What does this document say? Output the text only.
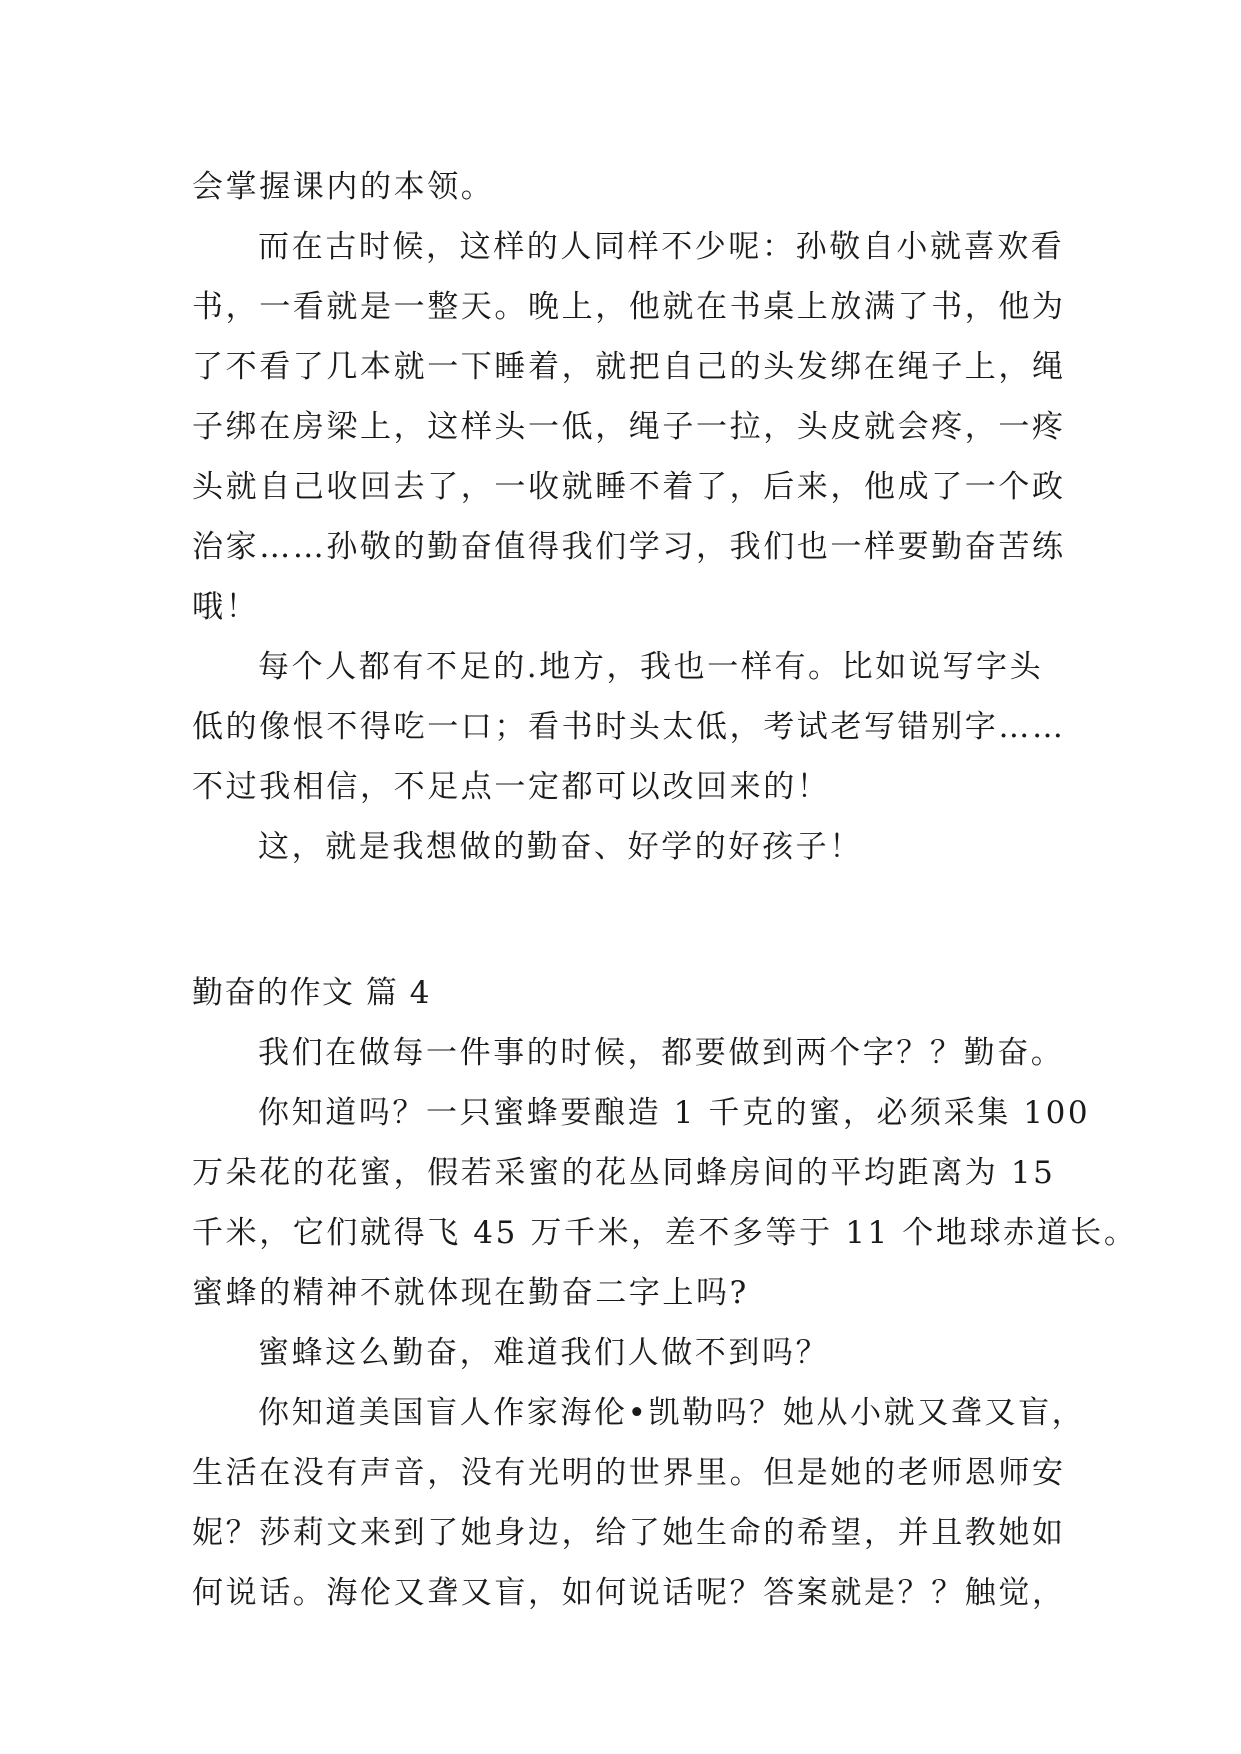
会掌握课内的本领。
而在古时候，这样的人同样不少呢：孙敬自小就喜欢看
书，一看就是一整天。晚上，他就在书桌上放满了书，他为
了不看了几本就一下睡着，就把自己的头发绑在绳子上，绳
子绑在房梁上，这样头一低，绳子一拉，头皮就会疼，一疼
头就自己收回去了，一收就睡不着了，后来，他成了一个政
治家……孙敬的勤奋值得我们学习，我们也一样要勤奋苦练
哦！
每个人都有不足的.地方，我也一样有。比如说写字头
低的像恨不得吃一口；看书时头太低，考试老写错别字……
不过我相信，不足点一定都可以改回来的！
这，就是我想做的勤奋、好学的好孩子！
勤奋的作文 篇 4
我们在做每一件事的时候，都要做到两个字？？勤奋。
你知道吗？一只蜜蜂要酿造 1 千克的蜜，必须采集 100
万朵花的花蜜，假若采蜜的花丛同蜂房间的平均距离为 15
千米，它们就得飞 45 万千米，差不多等于 11 个地球赤道长。
蜜蜂的精神不就体现在勤奋二字上吗?
蜜蜂这么勤奋，难道我们人做不到吗？
你知道美国盲人作家海伦•凯勒吗？她从小就又聋又盲，
生活在没有声音，没有光明的世界里。但是她的老师恩师安
妮？莎莉文来到了她身边，给了她生命的希望，并且教她如
何说话。海伦又聋又盲，如何说话呢？答案就是？？触觉，
